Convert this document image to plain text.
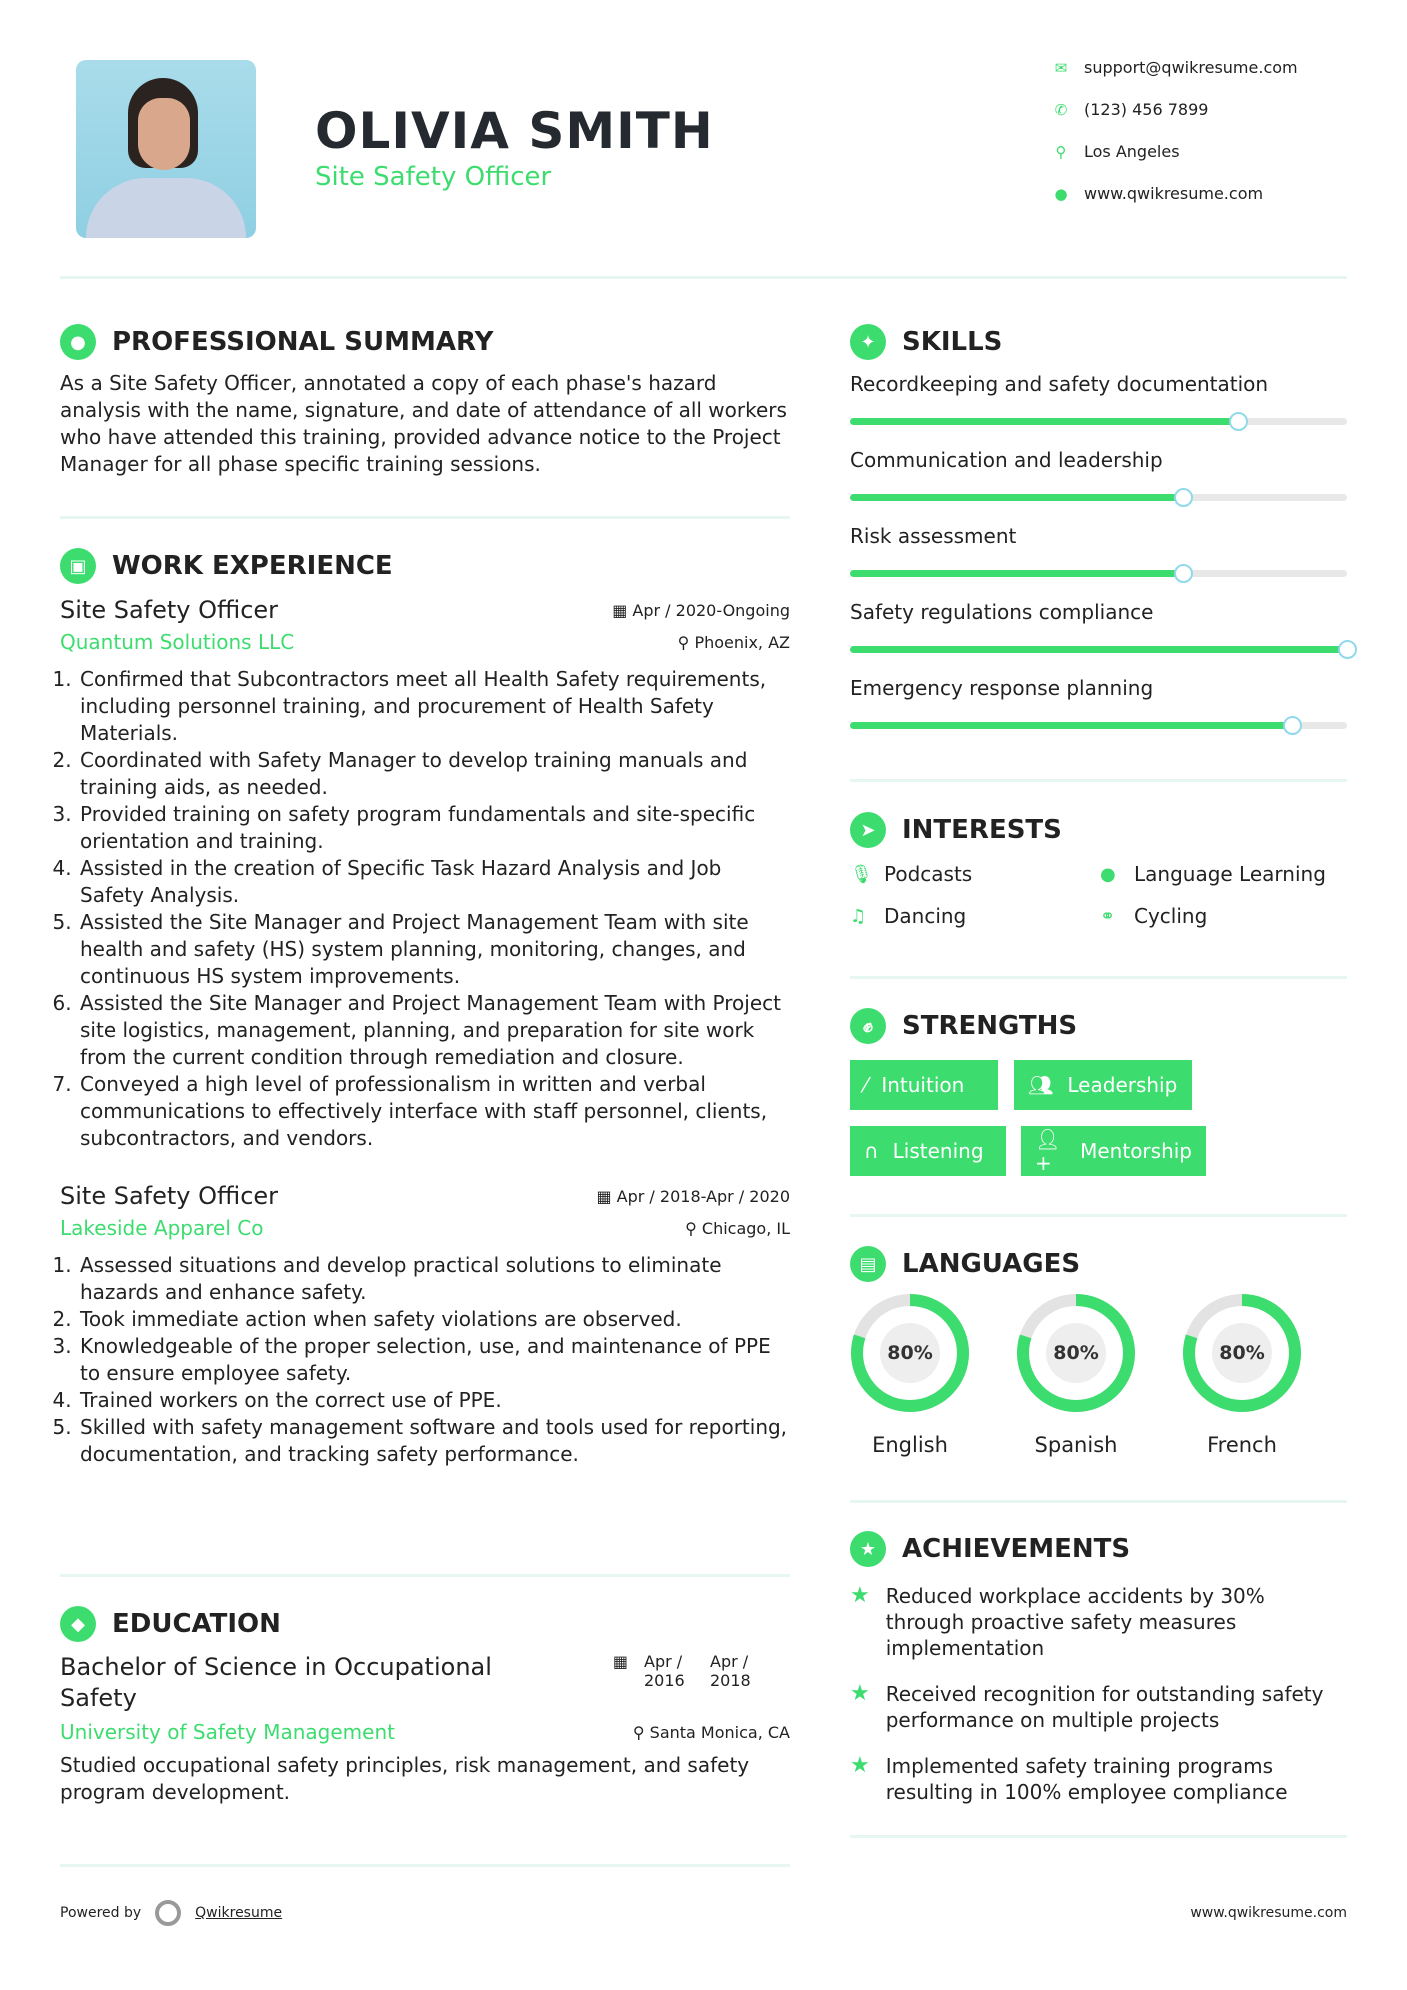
OLIVIA SMITH
Site Safety Officer
✉ support@qwikresume.com
✆ (123) 456 7899
⚲ Los Angeles
● www.qwikresume.com
●	PROFESSIONAL SUMMARY

As a Site Safety Officer, annotated a copy of each phase's hazard analysis with the name, signature, and date of attendance of all workers who have attended this training, provided advance notice to the Project Manager for all phase specific training sessions.

▣ WORK EXPERIENCE
Site Safety Officer	▦ Apr / 2020-Ongoing
Quantum Solutions LLC	⚲ Phoenix, AZ
1. Confirmed that Subcontractors meet all Health Safety requirements, including personnel training, and procurement of Health Safety Materials.
2. Coordinated with Safety Manager to develop training manuals and training aids, as needed.
3. Provided training on safety program fundamentals and site-specific orientation and training.
4. Assisted in the creation of Specific Task Hazard Analysis and Job Safety Analysis.
5. Assisted the Site Manager and Project Management Team with site health and safety (HS) system planning, monitoring, changes, and continuous HS system improvements.
6. Assisted the Site Manager and Project Management Team with Project site logistics, management, planning, and preparation for site work from the current condition through remediation and closure.
7. Conveyed a high level of professionalism in written and verbal communications to effectively interface with staff personnel, clients, subcontractors, and vendors.
Site Safety Officer	▦ Apr / 2018-Apr / 2020
Lakeside Apparel Co	⚲ Chicago, IL
1. Assessed situations and develop practical solutions to eliminate hazards and enhance safety.
2. Took immediate action when safety violations are observed.
3. Knowledgeable of the proper selection, use, and maintenance of PPE to ensure employee safety.
4. Trained workers on the correct use of PPE.
5. Skilled with safety management software and tools used for reporting, documentation, and tracking safety performance.
◆	EDUCATION
Bachelor of Science in Occupational Safety
▦ Apr / 2016
Apr / 2018
University of Safety Management	⚲ Santa Monica, CA

Studied occupational safety principles, risk management, and safety program development.

Powered by	Qwikresume	www.qwikresume.com
✦	SKILLS
Recordkeeping and safety documentation
Communication and leadership
Risk assessment
Safety regulations compliance
Emergency response planning
➤	INTERESTS
🎙︎ Podcasts	● Language Learning
♫ Dancing	⚭ Cycling
✊︎	STRENGTHS
⁄ Intuition	👥︎ Leadership
∩ Listening	👤︎+	Mentorship
▤ LANGUAGES
80%
English
80%
Spanish
80%
French
★ ACHIEVEMENTS
★ Reduced workplace accidents by 30% through proactive safety measures implementation
★ Received recognition for outstanding safety performance on multiple projects
★ Implemented safety training programs resulting in 100% employee compliance
